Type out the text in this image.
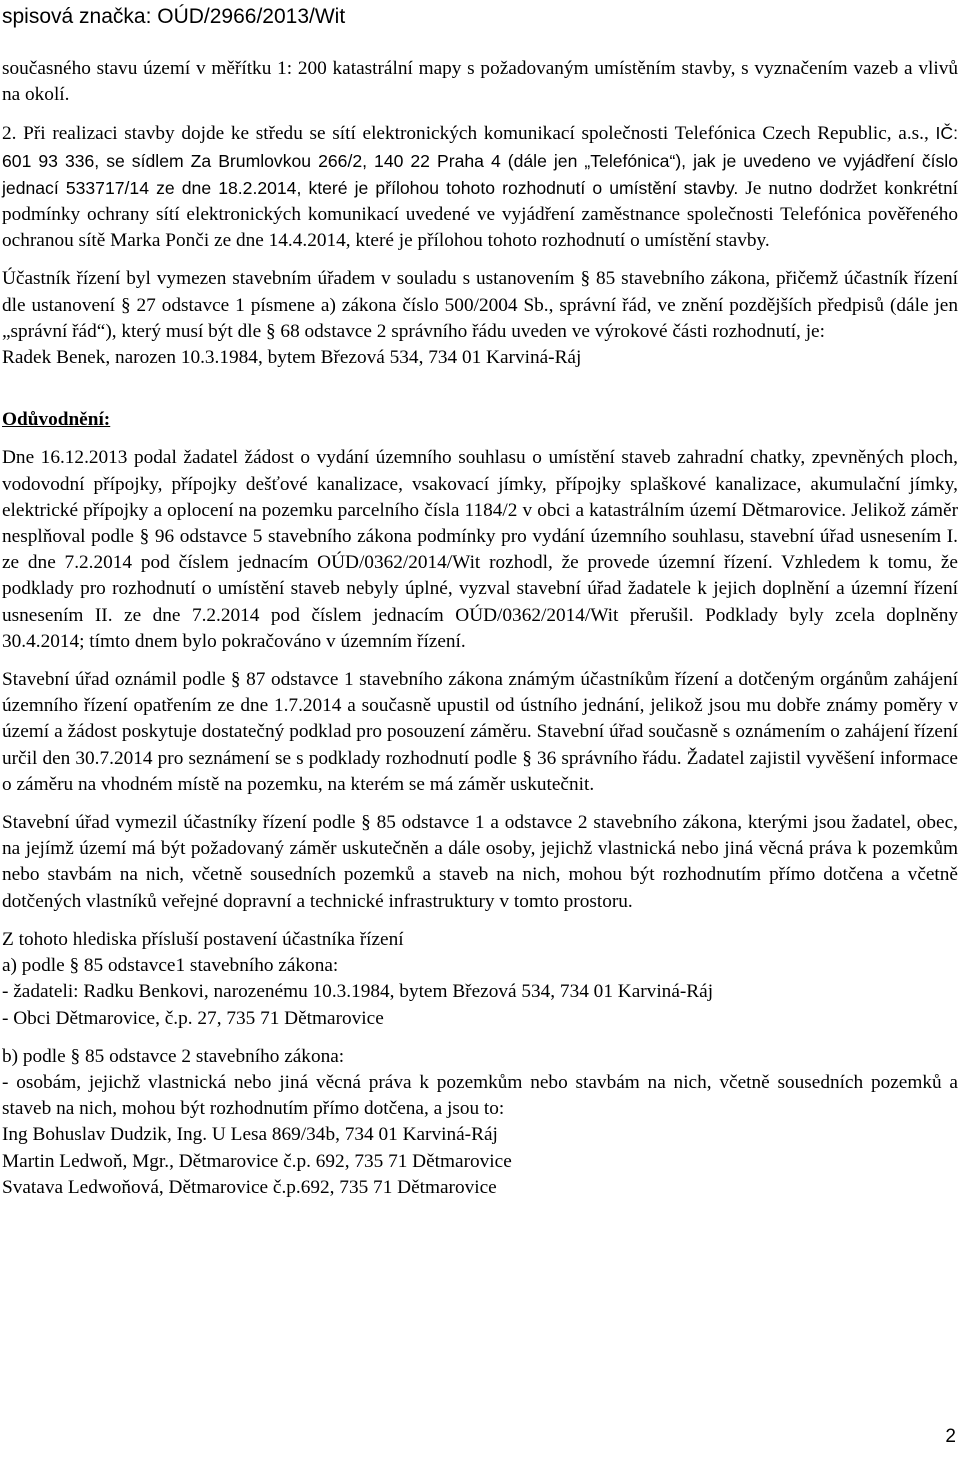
spisová značka: OÚD/2966/2013/Wit

současného stavu území v měřítku 1: 200 katastrální mapy s požadovaným umístěním stavby, s vyznačením vazeb a vlivů na okolí.

2. Při realizaci stavby dojde ke středu se sítí elektronických komunikací společnosti Telefónica Czech Republic, a.s., IČ: 601 93 336, se sídlem Za Brumlovkou 266/2, 140 22 Praha 4 (dále jen „Telefónica“), jak je uvedeno ve vyjádření číslo jednací 533717/14 ze dne 18.2.2014, které je přílohou tohoto rozhodnutí o umístění stavby. Je nutno dodržet konkrétní podmínky ochrany sítí elektronických komunikací uvedené ve vyjádření zaměstnance společnosti Telefónica pověřeného ochranou sítě Marka Ponči ze dne 14.4.2014, které je přílohou tohoto rozhodnutí o umístění stavby.

Účastník řízení byl vymezen stavebním úřadem v souladu s ustanovením § 85 stavebního zákona, přičemž účastník řízení dle ustanovení § 27 odstavce 1 písmene a) zákona číslo 500/2004 Sb., správní řád, ve znění pozdějších předpisů (dále jen „správní řád“), který musí být dle § 68 odstavce 2 správního řádu uveden ve výrokové části rozhodnutí, je:

Radek Benek, narozen 10.3.1984, bytem Březová 534, 734 01 Karviná-Ráj

Odůvodnění:

Dne 16.12.2013 podal žadatel žádost o vydání územního souhlasu o umístění staveb zahradní chatky, zpevněných ploch, vodovodní přípojky, přípojky dešťové kanalizace, vsakovací jímky, přípojky splaškové kanalizace, akumulační jímky, elektrické přípojky a oplocení na pozemku parcelního čísla 1184/2 v obci a katastrálním území Dětmarovice. Jelikož záměr nesplňoval podle § 96 odstavce 5 stavebního zákona podmínky pro vydání územního souhlasu, stavební úřad usnesením I. ze dne 7.2.2014 pod číslem jednacím OÚD/0362/2014/Wit rozhodl, že provede územní řízení. Vzhledem k tomu, že podklady pro rozhodnutí o umístění staveb nebyly úplné, vyzval stavební úřad žadatele k jejich doplnění a územní řízení usnesením II. ze dne 7.2.2014 pod číslem jednacím OÚD/0362/2014/Wit přerušil. Podklady byly zcela doplněny 30.4.2014; tímto dnem bylo pokračováno v územním řízení.

Stavební úřad oznámil podle § 87 odstavce 1 stavebního zákona známým účastníkům řízení a dotčeným orgánům zahájení územního řízení opatřením ze dne 1.7.2014 a současně upustil od ústního jednání, jelikož jsou mu dobře známy poměry v území a žádost poskytuje dostatečný podklad pro posouzení záměru. Stavební úřad současně s oznámením o zahájení řízení určil den 30.7.2014 pro seznámení se s podklady rozhodnutí podle § 36 správního řádu. Žadatel zajistil vyvěšení informace o záměru na vhodném místě na pozemku, na kterém se má záměr uskutečnit.

Stavební úřad vymezil účastníky řízení podle § 85 odstavce 1 a odstavce 2 stavebního zákona, kterými jsou žadatel, obec, na jejímž území má být požadovaný záměr uskutečněn a dále osoby, jejichž vlastnická nebo jiná věcná práva k pozemkům nebo stavbám na nich, včetně sousedních pozemků a staveb na nich, mohou být rozhodnutím přímo dotčena a včetně dotčených vlastníků veřejné dopravní a technické infrastruktury v tomto prostoru.

Z tohoto hlediska přísluší postavení účastníka řízení
a) podle § 85 odstavce1 stavebního zákona:
- žadateli: Radku Benkovi, narozenému 10.3.1984, bytem Březová 534, 734 01 Karviná-Ráj
- Obci Dětmarovice, č.p. 27, 735 71 Dětmarovice
b) podle § 85 odstavce 2 stavebního zákona:

- osobám, jejichž vlastnická nebo jiná věcná práva k pozemkům nebo stavbám na nich, včetně sousedních pozemků a staveb na nich, mohou být rozhodnutím přímo dotčena, a jsou to:

Ing Bohuslav Dudzik, Ing. U Lesa 869/34b, 734 01 Karviná-Ráj
Martin Ledwoň, Mgr., Dětmarovice č.p. 692, 735 71 Dětmarovice
Svatava Ledwoňová, Dětmarovice č.p.692, 735 71 Dětmarovice
2
